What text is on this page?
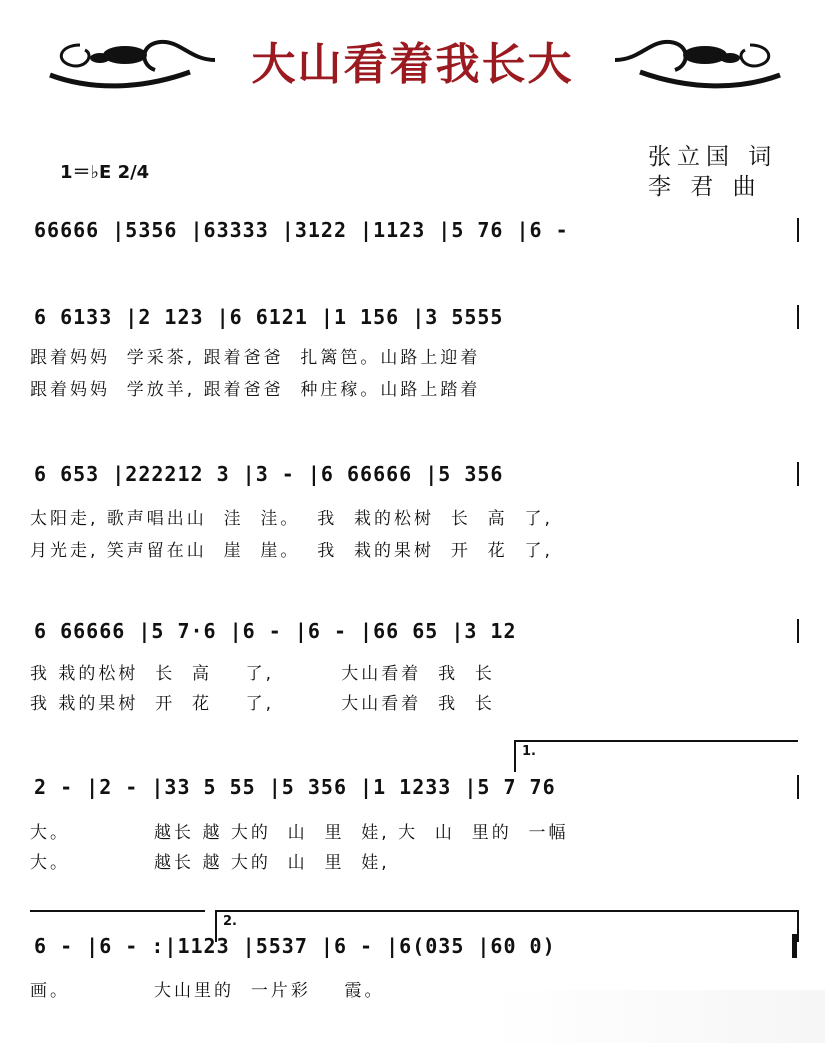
大山看着我长大
张立国 词
李 君 曲
1＝♭E 2/4
66666 |5356 |63333 |3122 |1123 |5 76 |6 -
6 6133 |2 123 |6 6121 |1 156 |3 5555
跟着妈妈  学采茶, 跟着爸爸  扎篱笆。山路上迎着
跟着妈妈  学放羊, 跟着爸爸  种庄稼。山路上踏着
6 653 |222212 3 |3 - |6 66666 |5 356
太阳走, 歌声唱出山  洼  洼。  我  栽的松树  长  高  了,
月光走, 笑声留在山  崖  崖。  我  栽的果树  开  花  了,
6 66666 |5 7·6 |6 - |6 - |66 65 |3 12
我 栽的松树  长  高    了,        大山看着  我  长
我 栽的果树  开  花    了,        大山看着  我  长
1.
2 - |2 - |33 5 55 |5 356 |1 1233 |5 7 76
大。          越长 越 大的  山  里  娃, 大  山  里的  一幅
大。          越长 越 大的  山  里  娃,
2.
6 - |6 - :|1123 |5537 |6 - |6(035 |60 0)
画。          大山里的  一片彩    霞。
